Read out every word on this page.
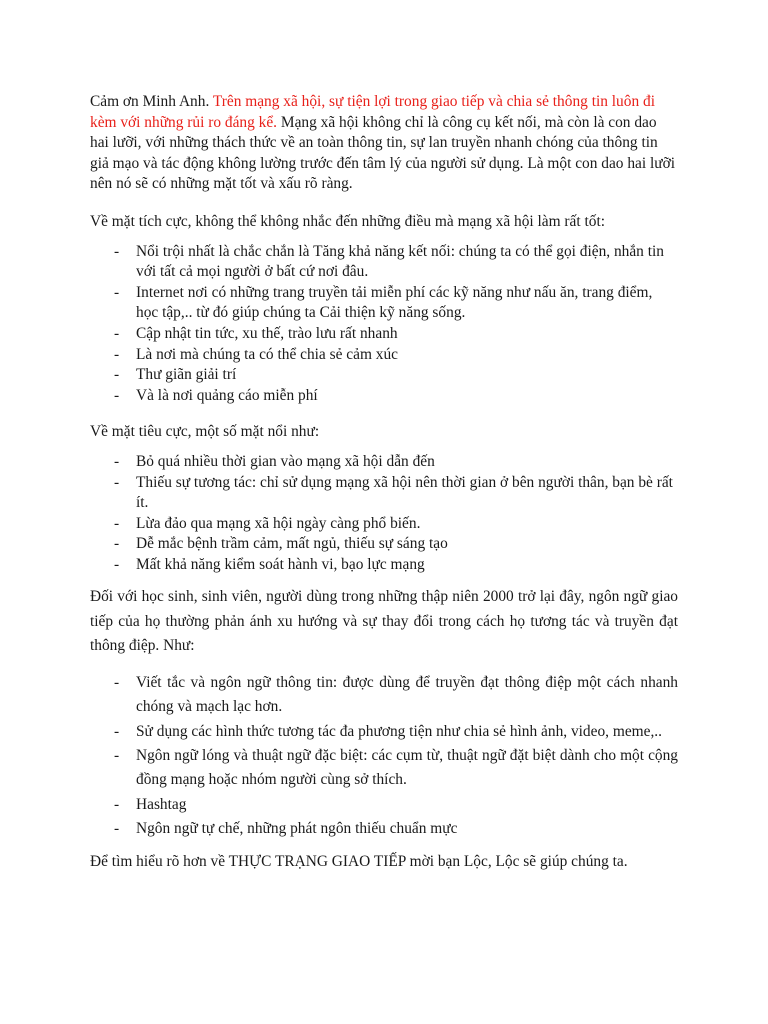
Cảm ơn Minh Anh. Trên mạng xã hội, sự tiện lợi trong giao tiếp và chia sẻ thông tin luôn đi kèm với những rủi ro đáng kể. Mạng xã hội không chỉ là công cụ kết nối, mà còn là con dao hai lưỡi, với những thách thức về an toàn thông tin, sự lan truyền nhanh chóng của thông tin giả mạo và tác động không lường trước đến tâm lý của người sử dụng. Là một con dao hai lưỡi nên nó sẽ có những mặt tốt và xấu rõ ràng.

Về mặt tích cực, không thể không nhắc đến những điều mà mạng xã hội làm rất tốt:

- Nổi trội nhất là chắc chắn là Tăng khả năng kết nối: chúng ta có thể gọi điện, nhắn tin với tất cả mọi người ở bất cứ nơi đâu.
- Internet nơi có những trang truyền tải miễn phí các kỹ năng như nấu ăn, trang điểm, học tập,.. từ đó giúp chúng ta Cải thiện kỹ năng sống.
- Cập nhật tin tức, xu thế, trào lưu rất nhanh
- Là nơi mà chúng ta có thể chia sẻ cảm xúc
- Thư giãn giải trí
- Và là nơi quảng cáo miễn phí

Về mặt tiêu cực, một số mặt nổi như:

- Bỏ quá nhiều thời gian vào mạng xã hội dẫn đến
- Thiếu sự tương tác: chỉ sử dụng mạng xã hội nên thời gian ở bên người thân, bạn bè rất ít.
- Lừa đảo qua mạng xã hội ngày càng phổ biến.
- Dễ mắc bệnh trầm cảm, mất ngủ, thiếu sự sáng tạo
- Mất khả năng kiểm soát hành vi, bạo lực mạng

Đối với học sinh, sinh viên, người dùng trong những thập niên 2000 trở lại đây, ngôn ngữ giao tiếp của họ thường phản ánh xu hướng và sự thay đổi trong cách họ tương tác và truyền đạt thông điệp. Như:

- Viết tắc và ngôn ngữ thông tin: được dùng để truyền đạt thông điệp một cách nhanh chóng và mạch lạc hơn.
- Sử dụng các hình thức tương tác đa phương tiện như chia sẻ hình ảnh, video, meme,..
- Ngôn ngữ lóng và thuật ngữ đặc biệt: các cụm từ, thuật ngữ đặt biệt dành cho một cộng đồng mạng hoặc nhóm người cùng sở thích.
- Hashtag
- Ngôn ngữ tự chế, những phát ngôn thiếu chuẩn mực

Để tìm hiểu rõ hơn về THỰC TRẠNG GIAO TIẾP mời bạn Lộc, Lộc sẽ giúp chúng ta.
